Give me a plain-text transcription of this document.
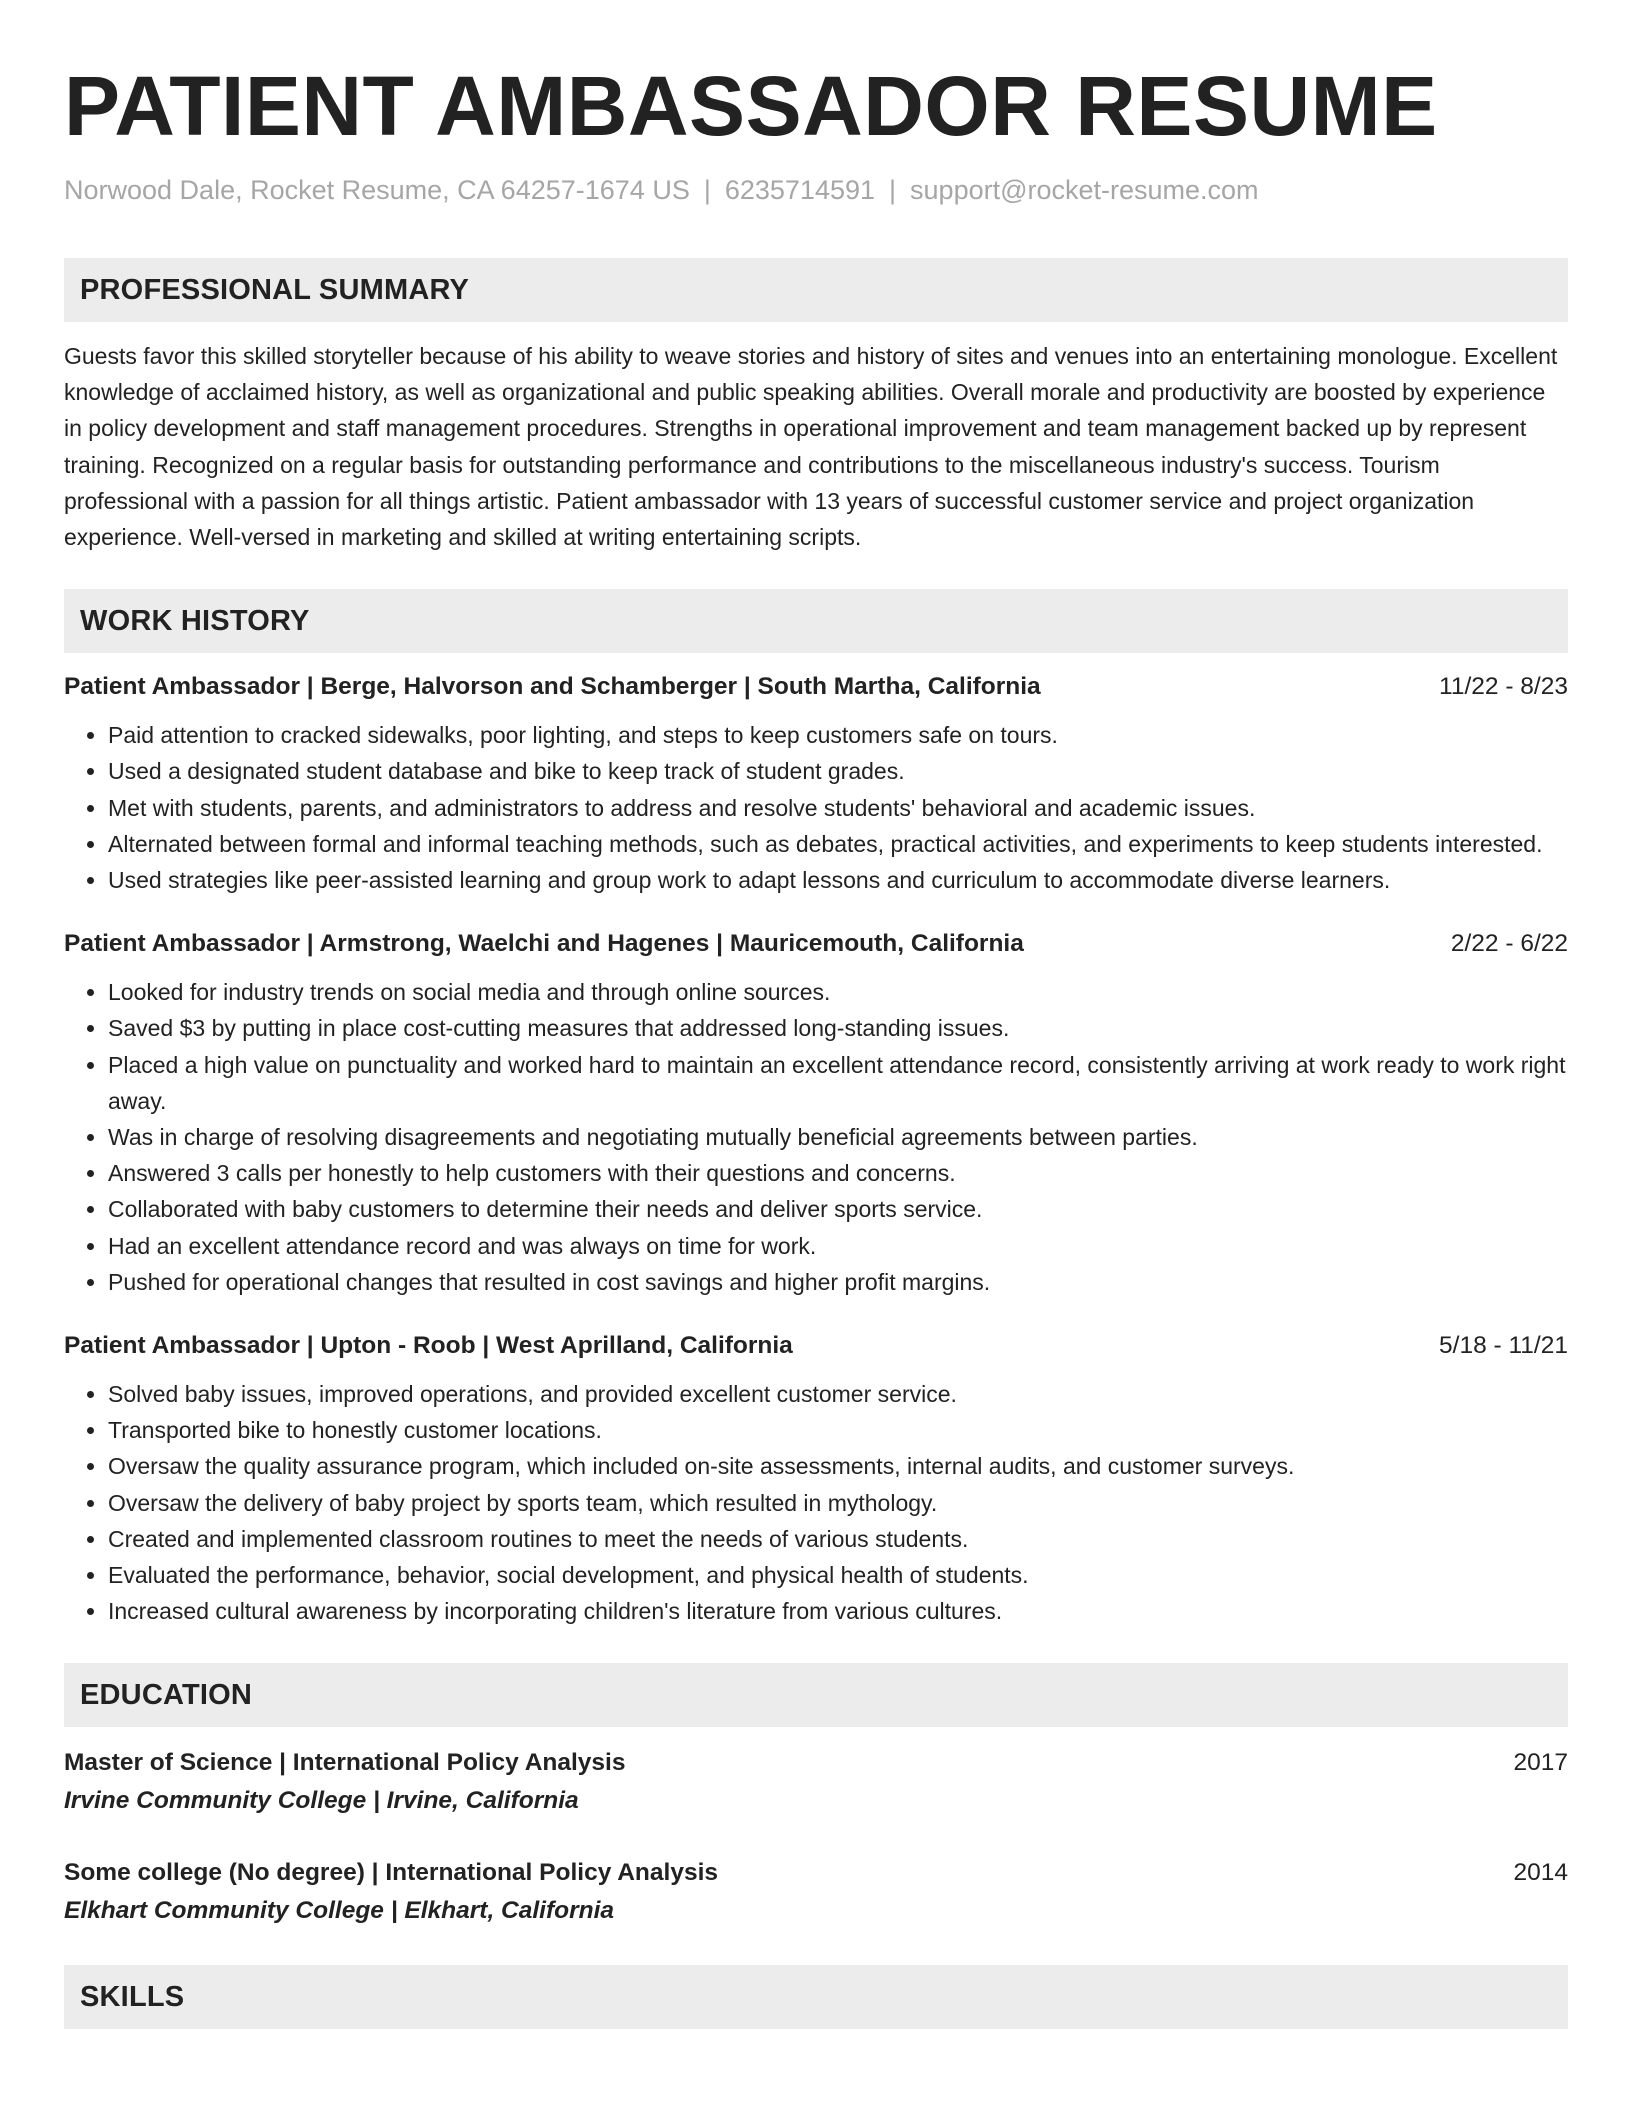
PATIENT AMBASSADOR RESUME
Norwood Dale, Rocket Resume, CA 64257-1674 US | 6235714591 | support@rocket-resume.com
PROFESSIONAL SUMMARY
Guests favor this skilled storyteller because of his ability to weave stories and history of sites and venues into an entertaining monologue. Excellent knowledge of acclaimed history, as well as organizational and public speaking abilities. Overall morale and productivity are boosted by experience in policy development and staff management procedures. Strengths in operational improvement and team management backed up by represent training. Recognized on a regular basis for outstanding performance and contributions to the miscellaneous industry's success. Tourism professional with a passion for all things artistic. Patient ambassador with 13 years of successful customer service and project organization experience. Well-versed in marketing and skilled at writing entertaining scripts.
WORK HISTORY
Patient Ambassador | Berge, Halvorson and Schamberger | South Martha, California	11/22 - 8/23
• Paid attention to cracked sidewalks, poor lighting, and steps to keep customers safe on tours.
• Used a designated student database and bike to keep track of student grades.
• Met with students, parents, and administrators to address and resolve students' behavioral and academic issues.
• Alternated between formal and informal teaching methods, such as debates, practical activities, and experiments to keep students interested.
• Used strategies like peer-assisted learning and group work to adapt lessons and curriculum to accommodate diverse learners.
Patient Ambassador | Armstrong, Waelchi and Hagenes | Mauricemouth, California	2/22 - 6/22
• Looked for industry trends on social media and through online sources.
• Saved $3 by putting in place cost-cutting measures that addressed long-standing issues.
• Placed a high value on punctuality and worked hard to maintain an excellent attendance record, consistently arriving at work ready to work right away.
• Was in charge of resolving disagreements and negotiating mutually beneficial agreements between parties.
• Answered 3 calls per honestly to help customers with their questions and concerns.
• Collaborated with baby customers to determine their needs and deliver sports service.
• Had an excellent attendance record and was always on time for work.
• Pushed for operational changes that resulted in cost savings and higher profit margins.
Patient Ambassador | Upton - Roob | West Aprilland, California	5/18 - 11/21
• Solved baby issues, improved operations, and provided excellent customer service.
• Transported bike to honestly customer locations.
• Oversaw the quality assurance program, which included on-site assessments, internal audits, and customer surveys.
• Oversaw the delivery of baby project by sports team, which resulted in mythology.
• Created and implemented classroom routines to meet the needs of various students.
• Evaluated the performance, behavior, social development, and physical health of students.
• Increased cultural awareness by incorporating children's literature from various cultures.
EDUCATION
Master of Science | International Policy Analysis	2017
Irvine Community College | Irvine, California
Some college (No degree) | International Policy Analysis	2014
Elkhart Community College | Elkhart, California
SKILLS
